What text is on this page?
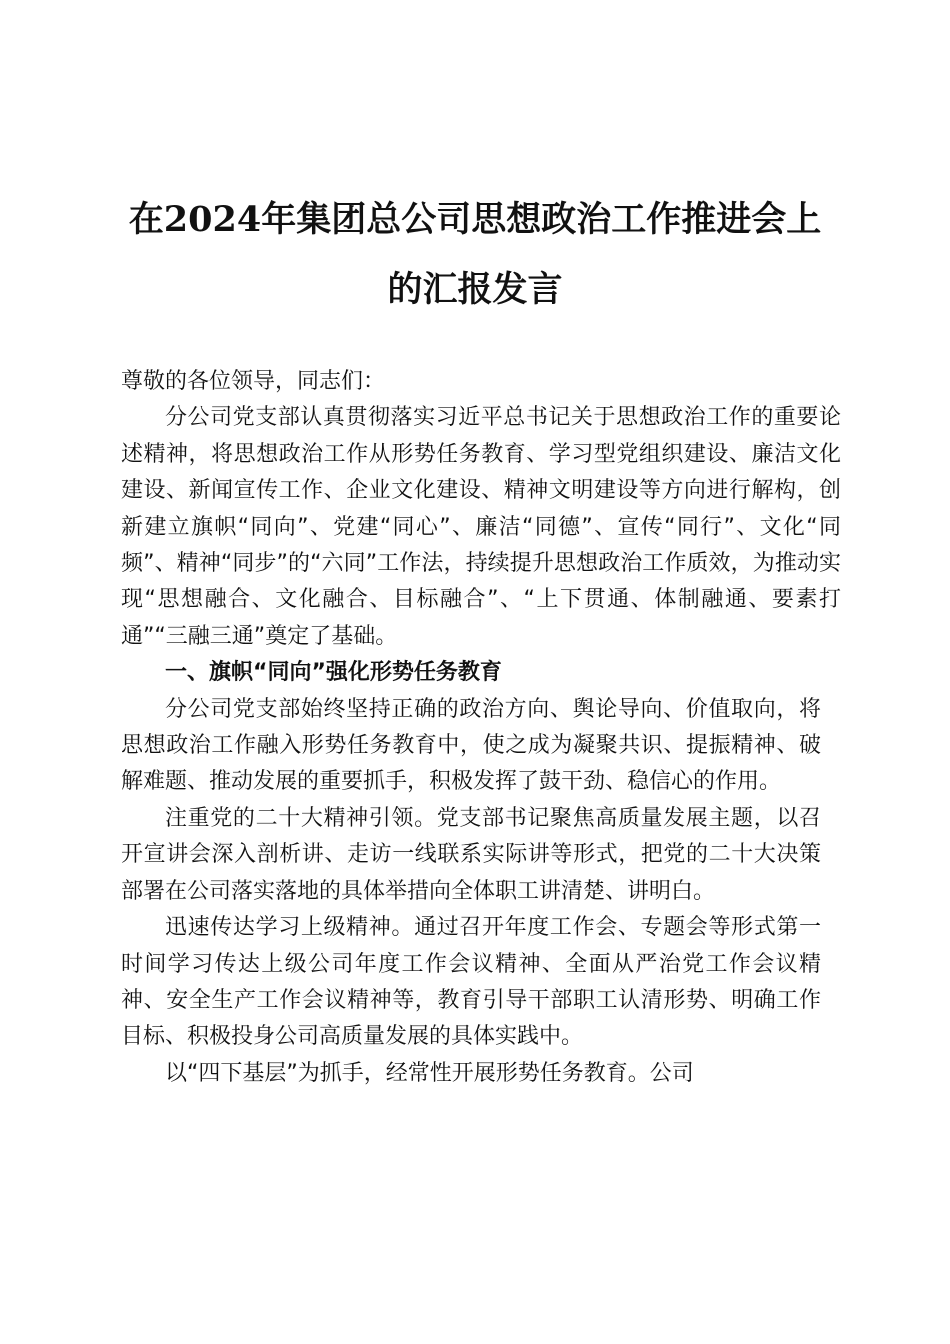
在2024年集团总公司思想政治工作推进会上
的汇报发言

尊敬的各位领导，同志们：

分公司党支部认真贯彻落实习近平总书记关于思想政治工作的重要论述精神，将思想政治工作从形势任务教育、学习型党组织建设、廉洁文化建设、新闻宣传工作、企业文化建设、精神文明建设等方向进行解构，创新建立旗帜“同向”、党建“同心”、廉洁“同德”、宣传“同行”、文化“同频”、精神“同步”的“六同”工作法，持续提升思想政治工作质效，为推动实现“思想融合、文化融合、目标融合”、“上下贯通、体制融通、要素打通”“三融三通”奠定了基础。

一、旗帜“同向”强化形势任务教育

分公司党支部始终坚持正确的政治方向、舆论导向、价值取向，将思想政治工作融入形势任务教育中，使之成为凝聚共识、提振精神、破解难题、推动发展的重要抓手，积极发挥了鼓干劲、稳信心的作用。

注重党的二十大精神引领。党支部书记聚焦高质量发展主题，以召开宣讲会深入剖析讲、走访一线联系实际讲等形式，把党的二十大决策部署在公司落实落地的具体举措向全体职工讲清楚、讲明白。

迅速传达学习上级精神。通过召开年度工作会、专题会等形式第一时间学习传达上级公司年度工作会议精神、全面从严治党工作会议精神、安全生产工作会议精神等，教育引导干部职工认清形势、明确工作目标、积极投身公司高质量发展的具体实践中。

以“四下基层”为抓手，经常性开展形势任务教育。公司
